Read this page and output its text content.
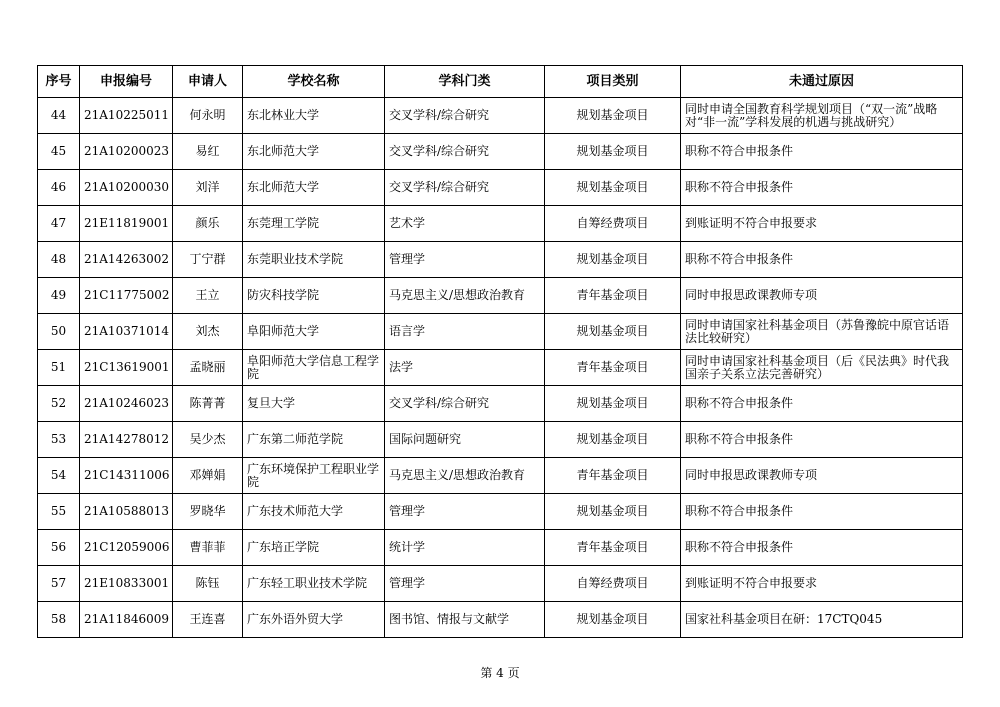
序号	申报编号	申请人	学校名称	学科门类	项目类别	未通过原因
44	21A10225011	何永明	东北林业大学	交叉学科/综合研究	规划基金项目	同时申请全国教育科学规划项目（“双一流”战略对“非一流”学科发展的机遇与挑战研究）
45	21A10200023	易红	东北师范大学	交叉学科/综合研究	规划基金项目	职称不符合申报条件
46	21A10200030	刘洋	东北师范大学	交叉学科/综合研究	规划基金项目	职称不符合申报条件
47	21E11819001	颜乐	东莞理工学院	艺术学	自筹经费项目	到账证明不符合申报要求
48	21A14263002	丁宁群	东莞职业技术学院	管理学	规划基金项目	职称不符合申报条件
49	21C11775002	王立	防灾科技学院	马克思主义/思想政治教育	青年基金项目	同时申报思政课教师专项
50	21A10371014	刘杰	阜阳师范大学	语言学	规划基金项目	同时申请国家社科基金项目（苏鲁豫皖中原官话语法比较研究）
51	21C13619001	孟晓丽	阜阳师范大学信息工程学院	法学	青年基金项目	同时申请国家社科基金项目（后《民法典》时代我国亲子关系立法完善研究）
52	21A10246023	陈菁菁	复旦大学	交叉学科/综合研究	规划基金项目	职称不符合申报条件
53	21A14278012	吴少杰	广东第二师范学院	国际问题研究	规划基金项目	职称不符合申报条件
54	21C14311006	邓婵娟	广东环境保护工程职业学院	马克思主义/思想政治教育	青年基金项目	同时申报思政课教师专项
55	21A10588013	罗晓华	广东技术师范大学	管理学	规划基金项目	职称不符合申报条件
56	21C12059006	曹菲菲	广东培正学院	统计学	青年基金项目	职称不符合申报条件
57	21E10833001	陈钰	广东轻工职业技术学院	管理学	自筹经费项目	到账证明不符合申报要求
58	21A11846009	王连喜	广东外语外贸大学	图书馆、情报与文献学	规划基金项目	国家社科基金项目在研：17CTQ045
第 4 页
